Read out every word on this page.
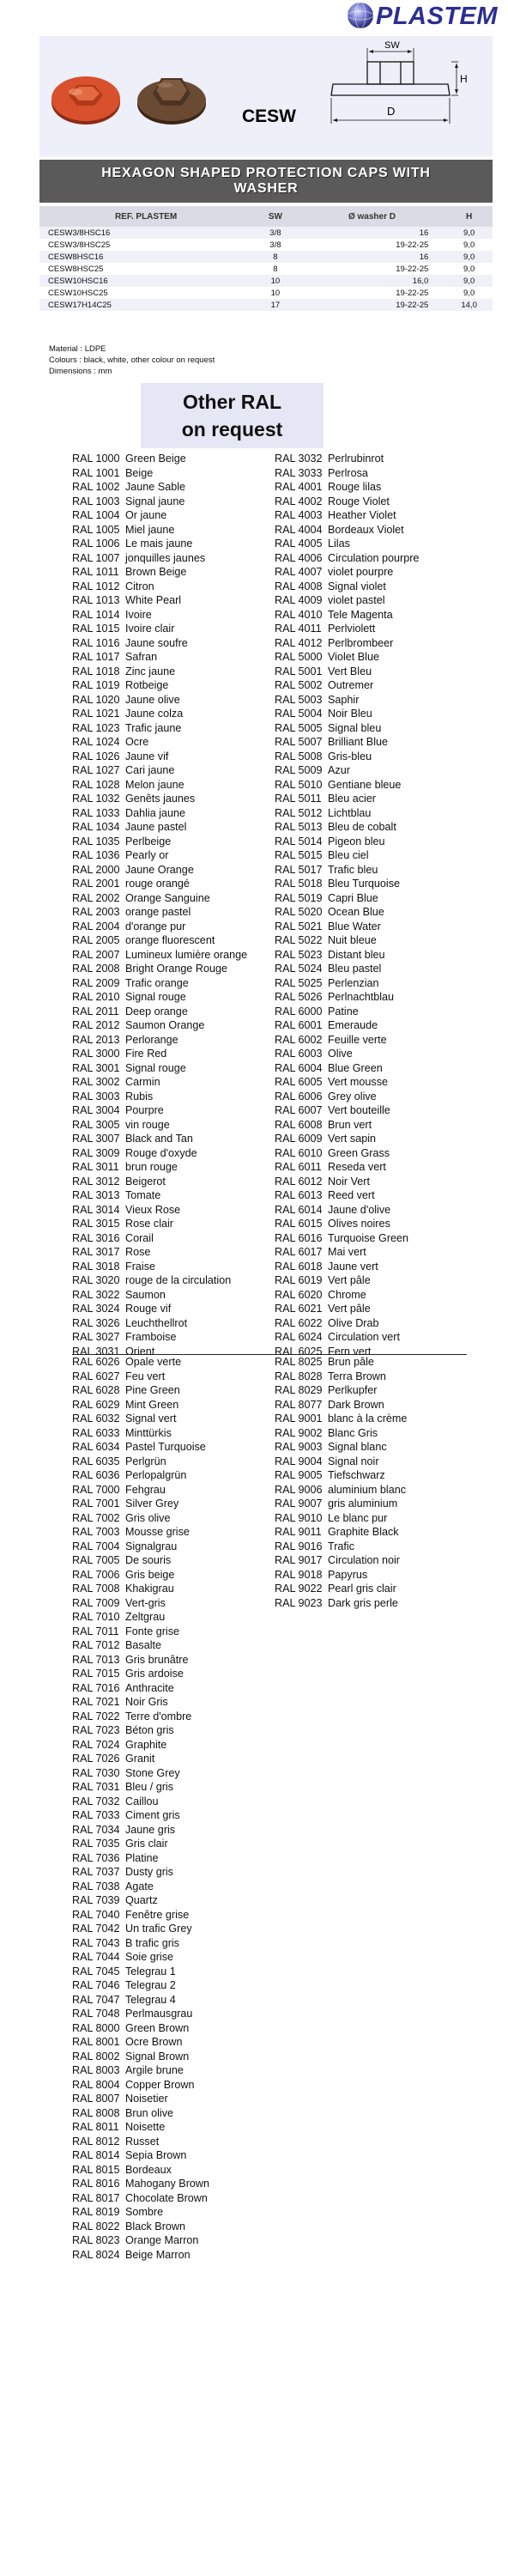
PLASTEM
CESW
SW
H
D
HEXAGON SHAPED PROTECTION CAPS WITH
WASHER
REF. PLASTEM	SW	Ø washer D	H
CESW3/8HSC16	3/8	16	9,0
CESW3/8HSC25	3/8	19-22-25	9,0
CESW8HSC16	8	16	9,0
CESW8HSC25	8	19-22-25	9,0
CESW10HSC16	10	16,0	9,0
CESW10HSC25	10	19-22-25	9,0
CESW17H14C25	17	19-22-25	14,0
Material : LDPE
Colours : black, white, other colour on request
Dimensions : mm
Other RAL
on request
RAL 1000 Green Beige
RAL 1001 Beige
RAL 1002 Jaune Sable
RAL 1003 Signal jaune
RAL 1004 Or jaune
RAL 1005 Miel jaune
RAL 1006 Le mais jaune
RAL 1007 jonquilles jaunes
RAL 1011 Brown Beige
RAL 1012 Citron
RAL 1013 White Pearl
RAL 1014 Ivoire
RAL 1015 Ivoire clair
RAL 1016 Jaune soufre
RAL 1017 Safran
RAL 1018 Zinc jaune
RAL 1019 Rotbeige
RAL 1020 Jaune olive
RAL 1021 Jaune colza
RAL 1023 Trafic jaune
RAL 1024 Ocre
RAL 1026 Jaune vif
RAL 1027 Cari jaune
RAL 1028 Melon jaune
RAL 1032 Genêts jaunes
RAL 1033 Dahlia jaune
RAL 1034 Jaune pastel
RAL 1035 Perlbeige
RAL 1036 Pearly or
RAL 2000 Jaune Orange
RAL 2001 rouge orangé
RAL 2002 Orange Sanguine
RAL 2003 orange pastel
RAL 2004 d'orange pur
RAL 2005 orange fluorescent
RAL 2007 Lumineux lumière orange
RAL 2008 Bright Orange Rouge
RAL 2009 Trafic orange
RAL 2010 Signal rouge
RAL 2011 Deep orange
RAL 2012 Saumon Orange
RAL 2013 Perlorange
RAL 3000 Fire Red
RAL 3001 Signal rouge
RAL 3002 Carmin
RAL 3003 Rubis
RAL 3004 Pourpre
RAL 3005 vin rouge
RAL 3007 Black and Tan
RAL 3009 Rouge d'oxyde
RAL 3011 brun rouge
RAL 3012 Beigerot
RAL 3013 Tomate
RAL 3014 Vieux Rose
RAL 3015 Rose clair
RAL 3016 Corail
RAL 3017 Rose
RAL 3018 Fraise
RAL 3020 rouge de la circulation
RAL 3022 Saumon
RAL 3024 Rouge vif
RAL 3026 Leuchthellrot
RAL 3027 Framboise
RAL 3031 Orient
RAL 3032 Perlrubinrot
RAL 3033 Perlrosa
RAL 4001 Rouge lilas
RAL 4002 Rouge Violet
RAL 4003 Heather Violet
RAL 4004 Bordeaux Violet
RAL 4005 Lilas
RAL 4006 Circulation pourpre
RAL 4007 violet pourpre
RAL 4008 Signal violet
RAL 4009 violet pastel
RAL 4010 Tele Magenta
RAL 4011 Perlviolett
RAL 4012 Perlbrombeer
RAL 5000 Violet Blue
RAL 5001 Vert Bleu
RAL 5002 Outremer
RAL 5003 Saphir
RAL 5004 Noir Bleu
RAL 5005 Signal bleu
RAL 5007 Brilliant Blue
RAL 5008 Gris-bleu
RAL 5009 Azur
RAL 5010 Gentiane bleue
RAL 5011 Bleu acier
RAL 5012 Lichtblau
RAL 5013 Bleu de cobalt
RAL 5014 Pigeon bleu
RAL 5015 Bleu ciel
RAL 5017 Trafic bleu
RAL 5018 Bleu Turquoise
RAL 5019 Capri Blue
RAL 5020 Ocean Blue
RAL 5021 Blue Water
RAL 5022 Nuit bleue
RAL 5023 Distant bleu
RAL 5024 Bleu pastel
RAL 5025 Perlenzian
RAL 5026 Perlnachtblau
RAL 6000 Patine
RAL 6001 Emeraude
RAL 6002 Feuille verte
RAL 6003 Olive
RAL 6004 Blue Green
RAL 6005 Vert mousse
RAL 6006 Grey olive
RAL 6007 Vert bouteille
RAL 6008 Brun vert
RAL 6009 Vert sapin
RAL 6010 Green Grass
RAL 6011 Reseda vert
RAL 6012 Noir Vert
RAL 6013 Reed vert
RAL 6014 Jaune d'olive
RAL 6015 Olives noires
RAL 6016 Turquoise Green
RAL 6017 Mai vert
RAL 6018 Jaune vert
RAL 6019 Vert pâle
RAL 6020 Chrome
RAL 6021 Vert pâle
RAL 6022 Olive Drab
RAL 6024 Circulation vert
RAL 6025 Fern vert
RAL 6026 Opale verte
RAL 6027 Feu vert
RAL 6028 Pine Green
RAL 6029 Mint Green
RAL 6032 Signal vert
RAL 6033 Minttürkis
RAL 6034 Pastel Turquoise
RAL 6035 Perlgrün
RAL 6036 Perlopalgrün
RAL 7000 Fehgrau
RAL 7001 Silver Grey
RAL 7002 Gris olive
RAL 7003 Mousse grise
RAL 7004 Signalgrau
RAL 7005 De souris
RAL 7006 Gris beige
RAL 7008 Khakigrau
RAL 7009 Vert-gris
RAL 7010 Zeltgrau
RAL 7011 Fonte grise
RAL 7012 Basalte
RAL 7013 Gris brunâtre
RAL 7015 Gris ardoise
RAL 7016 Anthracite
RAL 7021 Noir Gris
RAL 7022 Terre d'ombre
RAL 7023 Béton gris
RAL 7024 Graphite
RAL 7026 Granit
RAL 7030 Stone Grey
RAL 7031 Bleu / gris
RAL 7032 Caillou
RAL 7033 Ciment gris
RAL 7034 Jaune gris
RAL 7035 Gris clair
RAL 7036 Platine
RAL 7037 Dusty gris
RAL 7038 Agate
RAL 7039 Quartz
RAL 7040 Fenêtre grise
RAL 7042 Un trafic Grey
RAL 7043 B trafic gris
RAL 7044 Soie grise
RAL 7045 Telegrau 1
RAL 7046 Telegrau 2
RAL 7047 Telegrau 4
RAL 7048 Perlmausgrau
RAL 8000 Green Brown
RAL 8001 Ocre Brown
RAL 8002 Signal Brown
RAL 8003 Argile brune
RAL 8004 Copper Brown
RAL 8007 Noisetier
RAL 8008 Brun olive
RAL 8011 Noisette
RAL 8012 Russet
RAL 8014 Sepia Brown
RAL 8015 Bordeaux
RAL 8016 Mahogany Brown
RAL 8017 Chocolate Brown
RAL 8019 Sombre
RAL 8022 Black Brown
RAL 8023 Orange Marron
RAL 8024 Beige Marron
RAL 8025 Brun pâle
RAL 8028 Terra Brown
RAL 8029 Perlkupfer
RAL 8077 Dark Brown
RAL 9001 blanc à la crème
RAL 9002 Blanc Gris
RAL 9003 Signal blanc
RAL 9004 Signal noir
RAL 9005 Tiefschwarz
RAL 9006 aluminium blanc
RAL 9007 gris aluminium
RAL 9010 Le blanc pur
RAL 9011 Graphite Black
RAL 9016 Trafic
RAL 9017 Circulation noir
RAL 9018 Papyrus
RAL 9022 Pearl gris clair
RAL 9023 Dark gris perle
